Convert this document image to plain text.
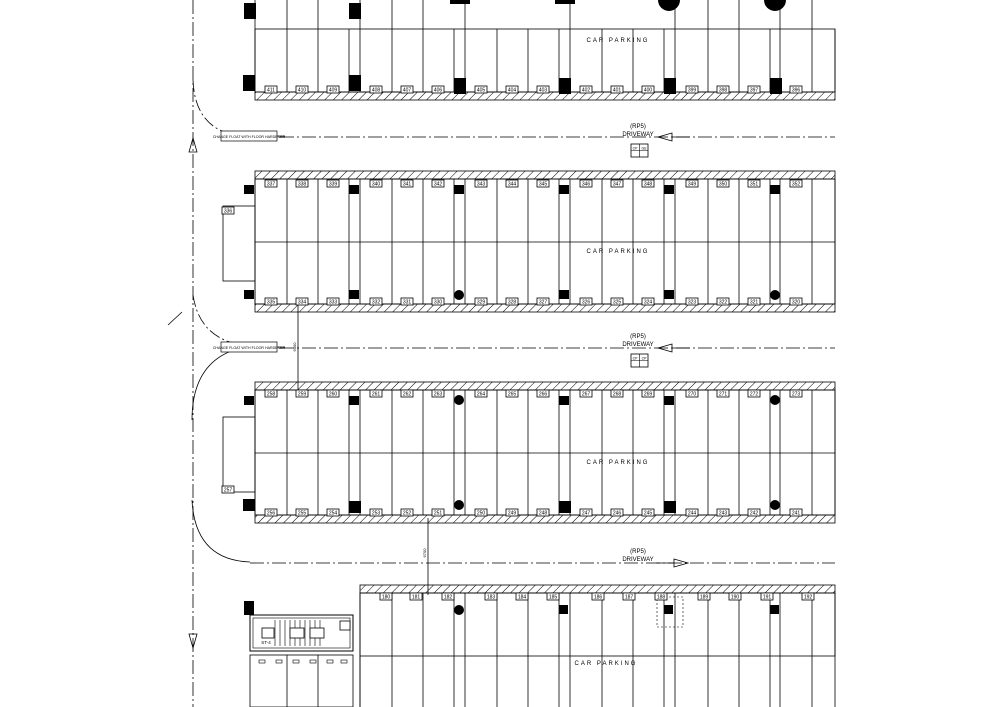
(RP5)
DRIVEWAY
(RP5)
DRIVEWAY
(RP5)
DRIVEWAY
CP GE
CP CP
CHANGE FLOAT WITH FLOOR HARDENER
CHANGE FLOAT WITH FLOOR HARDENER 6000
6700
CAR PARKING
CAR PARKING
CAR PARKING
CAR PARKING
ST-4
411	410	409	408	407	406	405	404	403	402	401	400	399	398	397	396
337	338	339	340	341	342	343	344	345	346	347	348	349	350	351	352
335	334	333	332	331	330	329	328	327	326	325	324	323	322	321	320
258	259	260	261	262	263	264	265	266	267	268	269	270	271	272	273
256	255	254	253	252	251	250	249	248	247	246	245	244	243	242	241
180	181	182	183	184	185	186	187	188	189	190	191	192
336
257
